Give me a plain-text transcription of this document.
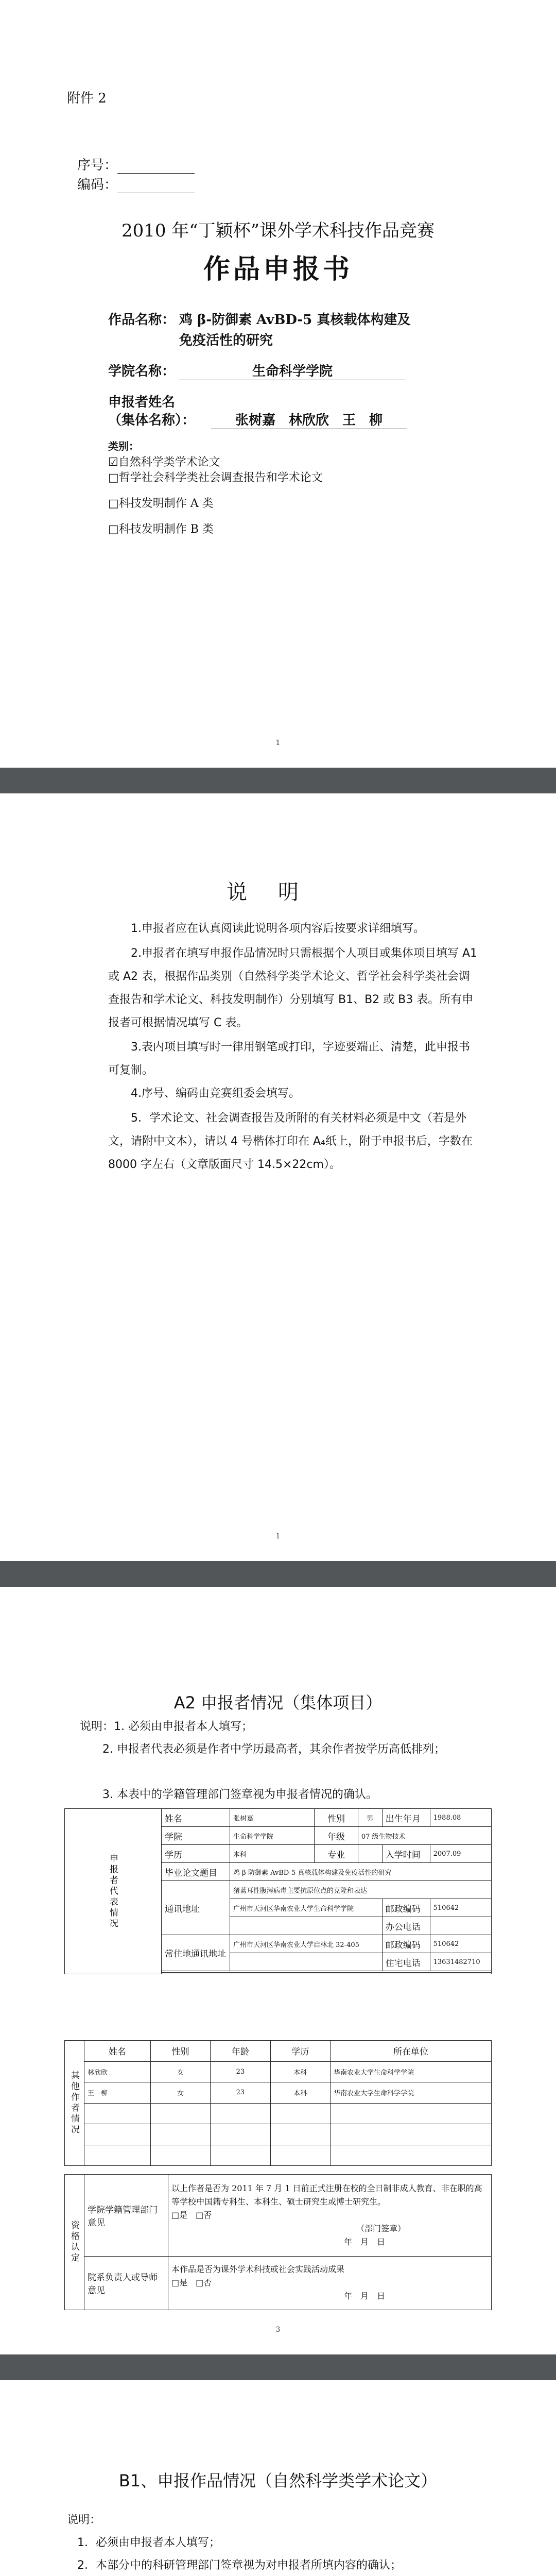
附件 2
序号：
编码：
2010 年“丁颖杯”课外学术科技作品竞赛
作品申报书
作品名称： 鸡 β-防御素 AvBD-5 真核载体构建及
免疫活性的研究
学院名称：	生命科学学院
申报者姓名
（集体名称）：	张树嘉　林欣欣　王　柳
类别：
☑自然科学类学术论文
□哲学社会科学类社会调查报告和学术论文
□科技发明制作 A 类
□科技发明制作 B 类
1
说明
1.申报者应在认真阅读此说明各项内容后按要求详细填写。
2.申报者在填写申报作品情况时只需根据个人项目或集体项目填写 A1 或 A2 表，根据作品类别（自然科学类学术论文、哲学社会科学类社会调查报告和学术论文、科技发明制作）分别填写 B1、B2 或 B3 表。所有申报者可根据情况填写 C 表。
3.表内项目填写时一律用钢笔或打印，字迹要端正、清楚，此申报书可复制。
4.序号、编码由竞赛组委会填写。
5．学术论文、社会调查报告及所附的有关材料必须是中文（若是外文，请附中文本），请以 4 号楷体打印在 A₄纸上，附于申报书后，字数在 8000 字左右（文章版面尺寸 14.5×22cm）。
1
A2 申报者情况（集体项目）
说明：1. 必须由申报者本人填写；
　　2. 申报者代表必须是作者中学历最高者，其余作者按学历高低排列；
　　3. 本表中的学籍管理部门签章视为申报者情况的确认。
申报者代表情况	姓名	张树嘉	性别	男	出生年月	1988.08
	学院	生命科学学院	年级	07 级生物技术		
	学历	本科	专业		入学时间	2007.09
	毕业论文题目	鸡 β-防御素 AvBD-5 真核载体构建及免疫活性的研究				
	通讯地址	猪蓝耳性腹泻病毒主要抗原位点的克隆和表达				
		广州市天河区华南农业大学生命科学学院			邮政编码	510642
					办公电话	
	常住地通讯地址	广州市天河区华南农业大学启林北 32-405			邮政编码	510642
					住宅电话	13631482710

其他作者情况	姓名	性别	年龄	学历	所在单位
	林欣欣	女	23	本科	华南农业大学生命科学学院
	王　柳	女	23	本科	华南农业大学生命科学学院

资格认定	学院学籍管理部门意见	以上作者是否为 2011 年 7 月 1 日前正式注册在校的全日制非成人教育、非在职的高等学校中国籍专科生、本科生、硕士研究生或博士研究生。
□是　□否
（部门签章）
年　月　日

	院系负责人或导师意见	本作品是否为课外学术科技或社会实践活动成果
□是　□否
年　月　日
3
B1、申报作品情况（自然科学类学术论文）
说明：
1．必须由申报者本人填写；
2．本部分中的科研管理部门签章视为对申报者所填内容的确认；
